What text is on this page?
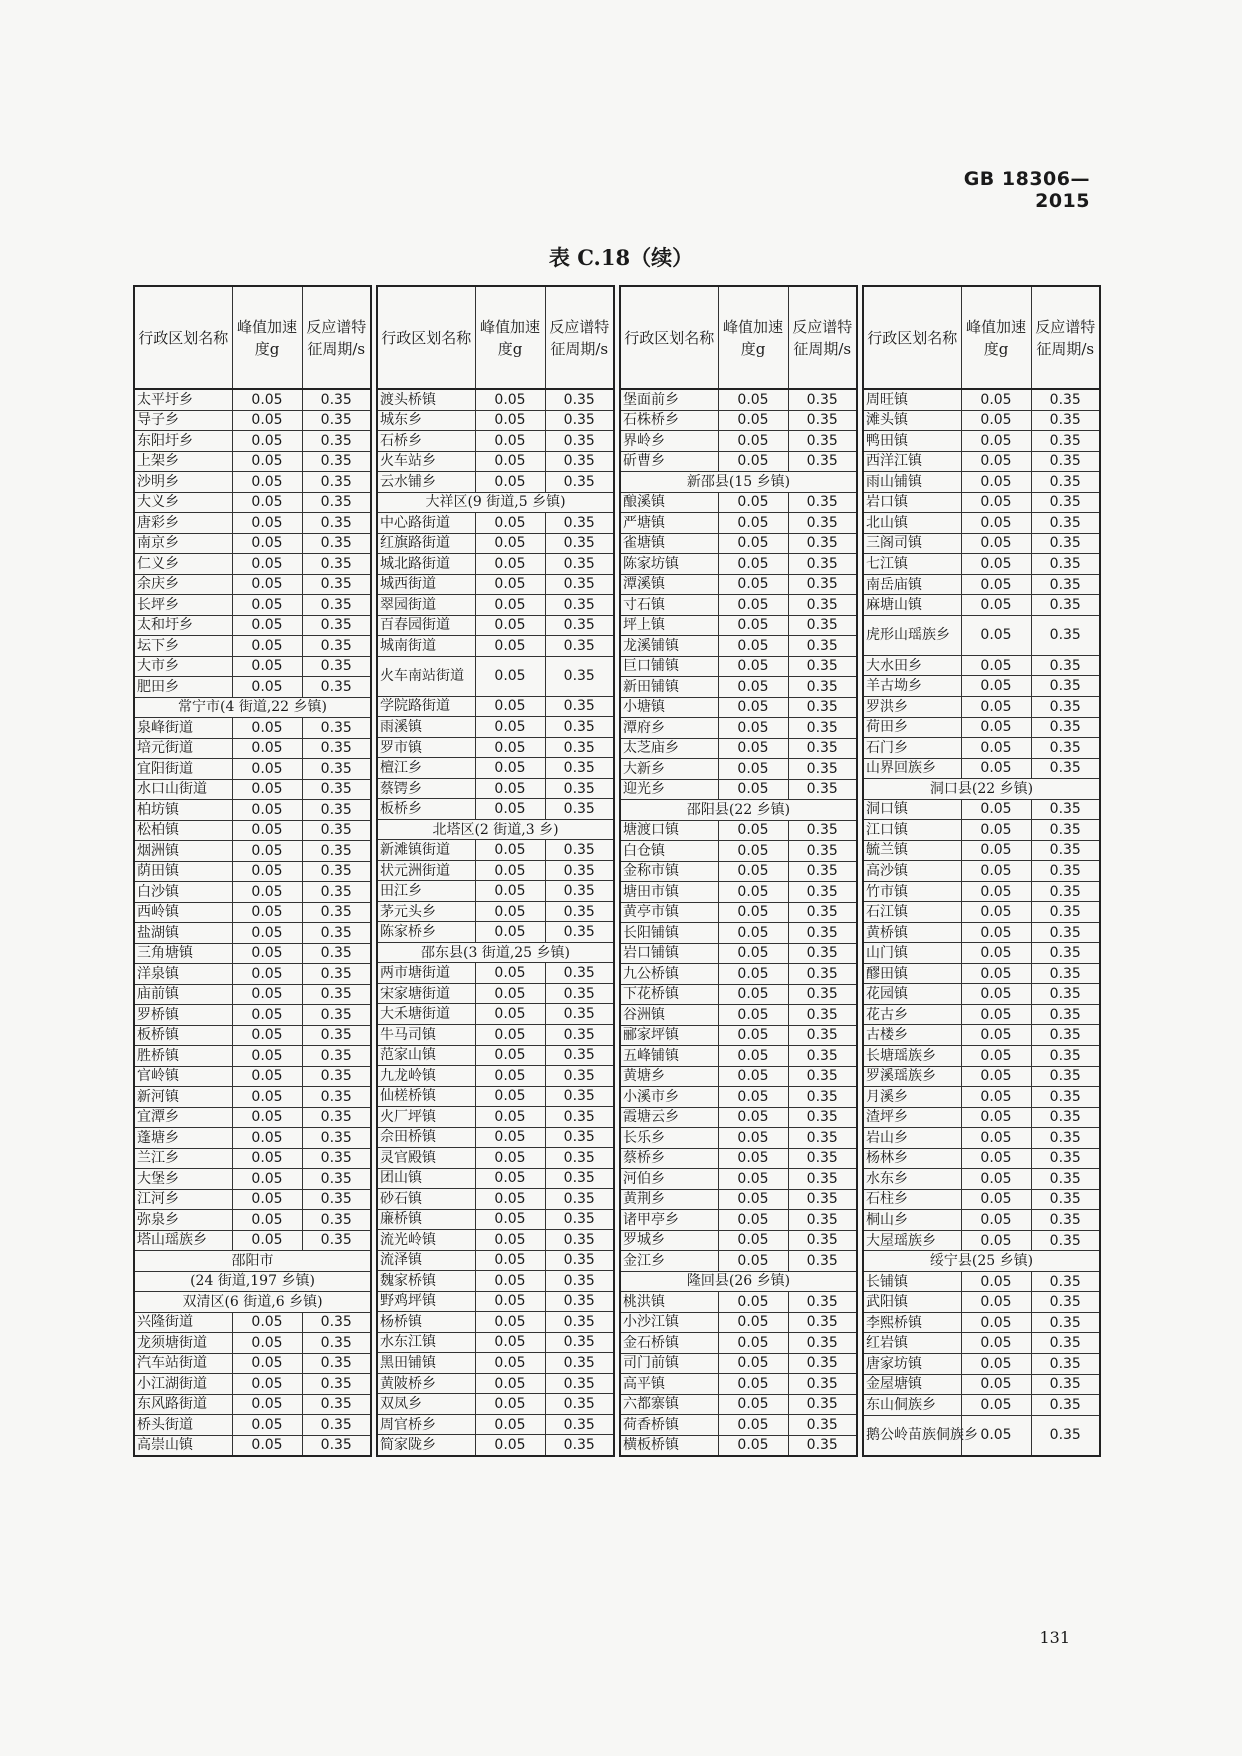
GB 18306—2015
表 C.18（续）
行政区划名称	峰值加速度g	反应谱特征周期/s
太平圩乡	0.05	0.35
导子乡	0.05	0.35
东阳圩乡	0.05	0.35
上架乡	0.05	0.35
沙明乡	0.05	0.35
大义乡	0.05	0.35
唐彩乡	0.05	0.35
南京乡	0.05	0.35
仁义乡	0.05	0.35
余庆乡	0.05	0.35
长坪乡	0.05	0.35
太和圩乡	0.05	0.35
坛下乡	0.05	0.35
大市乡	0.05	0.35
肥田乡	0.05	0.35
常宁市(4 街道,22 乡镇)		
泉峰街道	0.05	0.35
培元街道	0.05	0.35
宜阳街道	0.05	0.35
水口山街道	0.05	0.35
柏坊镇	0.05	0.35
松柏镇	0.05	0.35
烟洲镇	0.05	0.35
荫田镇	0.05	0.35
白沙镇	0.05	0.35
西岭镇	0.05	0.35
盐湖镇	0.05	0.35
三角塘镇	0.05	0.35
洋泉镇	0.05	0.35
庙前镇	0.05	0.35
罗桥镇	0.05	0.35
板桥镇	0.05	0.35
胜桥镇	0.05	0.35
官岭镇	0.05	0.35
新河镇	0.05	0.35
宜潭乡	0.05	0.35
蓬塘乡	0.05	0.35
兰江乡	0.05	0.35
大堡乡	0.05	0.35
江河乡	0.05	0.35
弥泉乡	0.05	0.35
塔山瑶族乡	0.05	0.35
邵阳市		
(24 街道,197 乡镇)		
双清区(6 街道,6 乡镇)		
兴隆街道	0.05	0.35
龙须塘街道	0.05	0.35
汽车站街道	0.05	0.35
小江湖街道	0.05	0.35
东风路街道	0.05	0.35
桥头街道	0.05	0.35
高崇山镇	0.05	0.35
行政区划名称	峰值加速度g	反应谱特征周期/s
渡头桥镇	0.05	0.35
城东乡	0.05	0.35
石桥乡	0.05	0.35
火车站乡	0.05	0.35
云水铺乡	0.05	0.35
大祥区(9 街道,5 乡镇)		
中心路街道	0.05	0.35
红旗路街道	0.05	0.35
城北路街道	0.05	0.35
城西街道	0.05	0.35
翠园街道	0.05	0.35
百春园街道	0.05	0.35
城南街道	0.05	0.35
火车南站街道	0.05	0.35
学院路街道	0.05	0.35
雨溪镇	0.05	0.35
罗市镇	0.05	0.35
檀江乡	0.05	0.35
蔡锷乡	0.05	0.35
板桥乡	0.05	0.35
北塔区(2 街道,3 乡)		
新滩镇街道	0.05	0.35
状元洲街道	0.05	0.35
田江乡	0.05	0.35
茅元头乡	0.05	0.35
陈家桥乡	0.05	0.35
邵东县(3 街道,25 乡镇)		
两市塘街道	0.05	0.35
宋家塘街道	0.05	0.35
大禾塘街道	0.05	0.35
牛马司镇	0.05	0.35
范家山镇	0.05	0.35
九龙岭镇	0.05	0.35
仙槎桥镇	0.05	0.35
火厂坪镇	0.05	0.35
佘田桥镇	0.05	0.35
灵官殿镇	0.05	0.35
团山镇	0.05	0.35
砂石镇	0.05	0.35
廉桥镇	0.05	0.35
流光岭镇	0.05	0.35
流泽镇	0.05	0.35
魏家桥镇	0.05	0.35
野鸡坪镇	0.05	0.35
杨桥镇	0.05	0.35
水东江镇	0.05	0.35
黑田铺镇	0.05	0.35
黄陂桥乡	0.05	0.35
双凤乡	0.05	0.35
周官桥乡	0.05	0.35
简家陇乡	0.05	0.35
行政区划名称	峰值加速度g	反应谱特征周期/s
堡面前乡	0.05	0.35
石株桥乡	0.05	0.35
界岭乡	0.05	0.35
斫曹乡	0.05	0.35
新邵县(15 乡镇)		
酿溪镇	0.05	0.35
严塘镇	0.05	0.35
雀塘镇	0.05	0.35
陈家坊镇	0.05	0.35
潭溪镇	0.05	0.35
寸石镇	0.05	0.35
坪上镇	0.05	0.35
龙溪铺镇	0.05	0.35
巨口铺镇	0.05	0.35
新田铺镇	0.05	0.35
小塘镇	0.05	0.35
潭府乡	0.05	0.35
太芝庙乡	0.05	0.35
大新乡	0.05	0.35
迎光乡	0.05	0.35
邵阳县(22 乡镇)		
塘渡口镇	0.05	0.35
白仓镇	0.05	0.35
金称市镇	0.05	0.35
塘田市镇	0.05	0.35
黄亭市镇	0.05	0.35
长阳铺镇	0.05	0.35
岩口铺镇	0.05	0.35
九公桥镇	0.05	0.35
下花桥镇	0.05	0.35
谷洲镇	0.05	0.35
郦家坪镇	0.05	0.35
五峰铺镇	0.05	0.35
黄塘乡	0.05	0.35
小溪市乡	0.05	0.35
霞塘云乡	0.05	0.35
长乐乡	0.05	0.35
蔡桥乡	0.05	0.35
河伯乡	0.05	0.35
黄荆乡	0.05	0.35
诸甲亭乡	0.05	0.35
罗城乡	0.05	0.35
金江乡	0.05	0.35
隆回县(26 乡镇)		
桃洪镇	0.05	0.35
小沙江镇	0.05	0.35
金石桥镇	0.05	0.35
司门前镇	0.05	0.35
高平镇	0.05	0.35
六都寨镇	0.05	0.35
荷香桥镇	0.05	0.35
横板桥镇	0.05	0.35
行政区划名称	峰值加速度g	反应谱特征周期/s
周旺镇	0.05	0.35
滩头镇	0.05	0.35
鸭田镇	0.05	0.35
西洋江镇	0.05	0.35
雨山铺镇	0.05	0.35
岩口镇	0.05	0.35
北山镇	0.05	0.35
三阁司镇	0.05	0.35
七江镇	0.05	0.35
南岳庙镇	0.05	0.35
麻塘山镇	0.05	0.35
虎形山瑶族乡	0.05	0.35
大水田乡	0.05	0.35
羊古坳乡	0.05	0.35
罗洪乡	0.05	0.35
荷田乡	0.05	0.35
石门乡	0.05	0.35
山界回族乡	0.05	0.35
洞口县(22 乡镇)		
洞口镇	0.05	0.35
江口镇	0.05	0.35
毓兰镇	0.05	0.35
高沙镇	0.05	0.35
竹市镇	0.05	0.35
石江镇	0.05	0.35
黄桥镇	0.05	0.35
山门镇	0.05	0.35
醪田镇	0.05	0.35
花园镇	0.05	0.35
花古乡	0.05	0.35
古楼乡	0.05	0.35
长塘瑶族乡	0.05	0.35
罗溪瑶族乡	0.05	0.35
月溪乡	0.05	0.35
渣坪乡	0.05	0.35
岩山乡	0.05	0.35
杨林乡	0.05	0.35
水东乡	0.05	0.35
石柱乡	0.05	0.35
桐山乡	0.05	0.35
大屋瑶族乡	0.05	0.35
绥宁县(25 乡镇)		
长铺镇	0.05	0.35
武阳镇	0.05	0.35
李熙桥镇	0.05	0.35
红岩镇	0.05	0.35
唐家坊镇	0.05	0.35
金屋塘镇	0.05	0.35
东山侗族乡	0.05	0.35
鹅公岭苗族侗族乡	0.05	0.35
131
